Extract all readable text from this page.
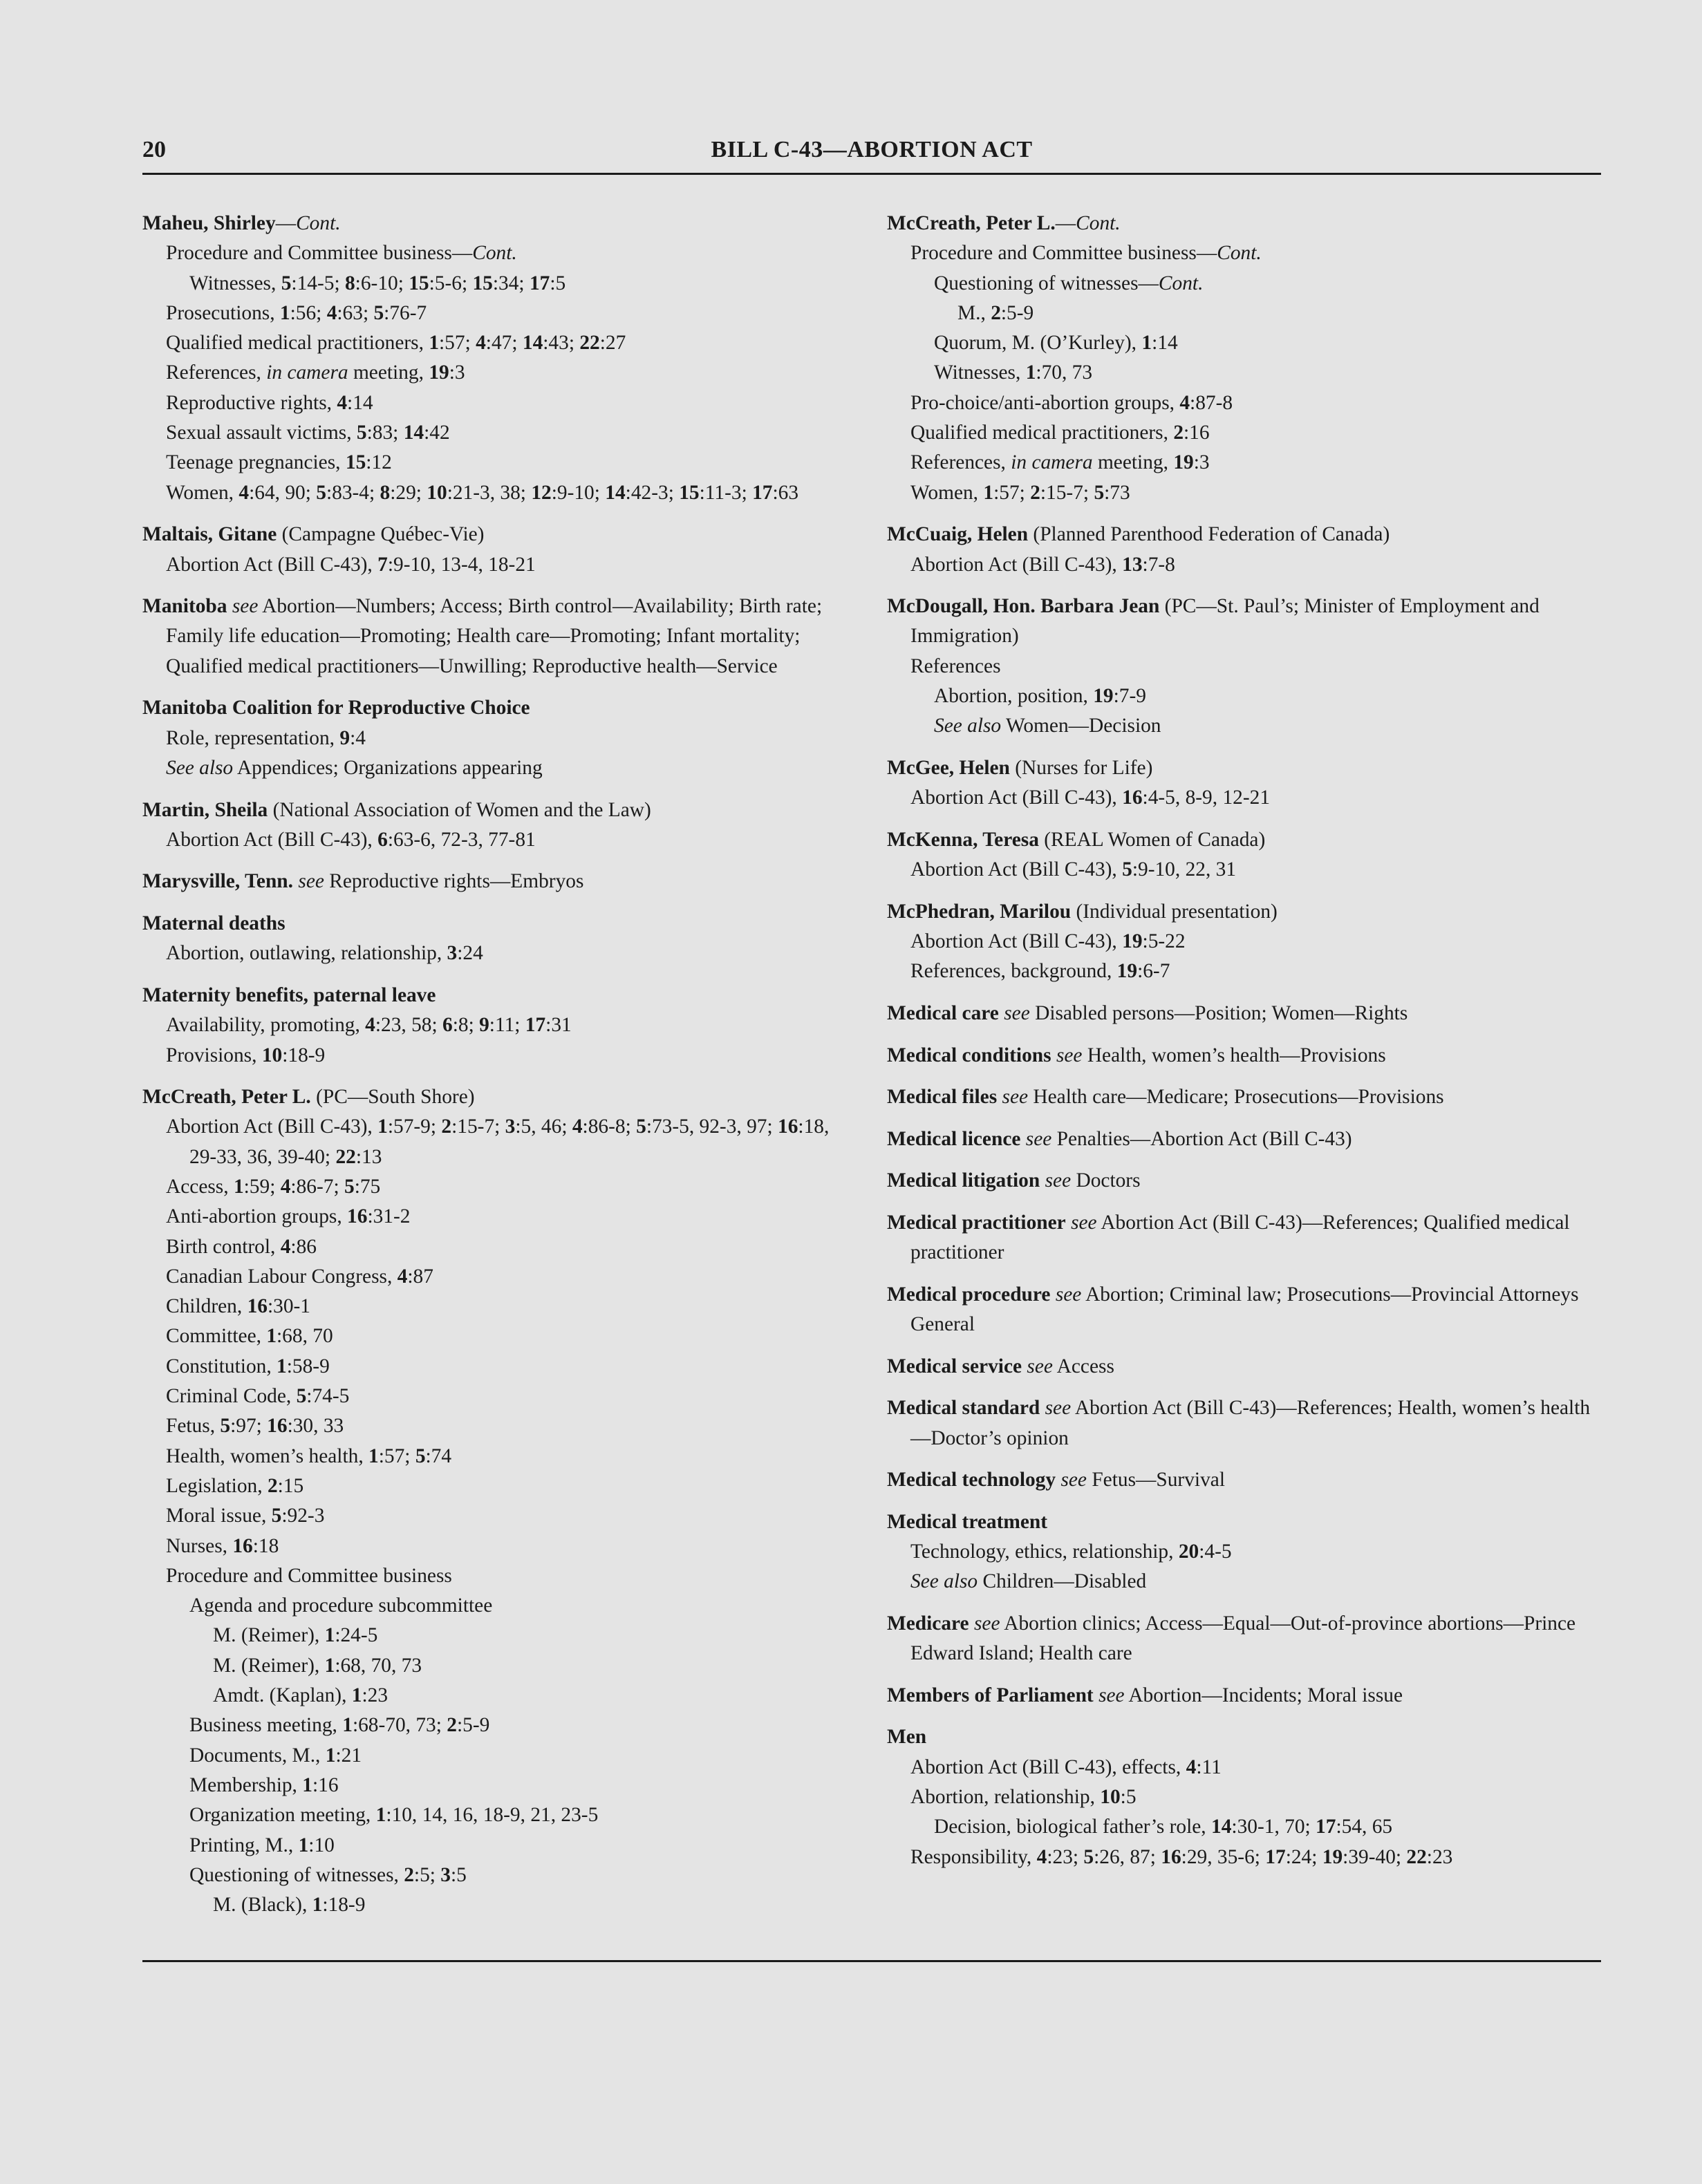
20	BILL C-43—ABORTION ACT
Maheu, Shirley—Cont.
Procedure and Committee business—Cont.
Witnesses, 5:14-5; 8:6-10; 15:5-6; 15:34; 17:5
Prosecutions, 1:56; 4:63; 5:76-7
Qualified medical practitioners, 1:57; 4:47; 14:43; 22:27
References, in camera meeting, 19:3
Reproductive rights, 4:14
Sexual assault victims, 5:83; 14:42
Teenage pregnancies, 15:12
Women, 4:64, 90; 5:83-4; 8:29; 10:21-3, 38; 12:9-10; 14:42-3; 15:11-3; 17:63
Maltais, Gitane (Campagne Québec-Vie)
Abortion Act (Bill C-43), 7:9-10, 13-4, 18-21
Manitoba see Abortion—Numbers; Access; Birth control—Availability; Birth rate; Family life education—Promoting; Health care—Promoting; Infant mortality; Qualified medical practitioners—Unwilling; Reproductive health—Service
Manitoba Coalition for Reproductive Choice
Role, representation, 9:4
See also Appendices; Organizations appearing
Martin, Sheila (National Association of Women and the Law)
Abortion Act (Bill C-43), 6:63-6, 72-3, 77-81
Marysville, Tenn. see Reproductive rights—Embryos
Maternal deaths
Abortion, outlawing, relationship, 3:24
Maternity benefits, paternal leave
Availability, promoting, 4:23, 58; 6:8; 9:11; 17:31
Provisions, 10:18-9
McCreath, Peter L. (PC—South Shore)
Abortion Act (Bill C-43), 1:57-9; 2:15-7; 3:5, 46; 4:86-8; 5:73-5, 92-3, 97; 16:18, 29-33, 36, 39-40; 22:13
Access, 1:59; 4:86-7; 5:75
Anti-abortion groups, 16:31-2
Birth control, 4:86
Canadian Labour Congress, 4:87
Children, 16:30-1
Committee, 1:68, 70
Constitution, 1:58-9
Criminal Code, 5:74-5
Fetus, 5:97; 16:30, 33
Health, women’s health, 1:57; 5:74
Legislation, 2:15
Moral issue, 5:92-3
Nurses, 16:18
Procedure and Committee business
Agenda and procedure subcommittee
M. (Reimer), 1:24-5
M. (Reimer), 1:68, 70, 73
Amdt. (Kaplan), 1:23
Business meeting, 1:68-70, 73; 2:5-9
Documents, M., 1:21
Membership, 1:16
Organization meeting, 1:10, 14, 16, 18-9, 21, 23-5
Printing, M., 1:10
Questioning of witnesses, 2:5; 3:5
M. (Black), 1:18-9
McCreath, Peter L.—Cont.
Procedure and Committee business—Cont.
Questioning of witnesses—Cont.
M., 2:5-9
Quorum, M. (O’Kurley), 1:14
Witnesses, 1:70, 73
Pro-choice/anti-abortion groups, 4:87-8
Qualified medical practitioners, 2:16
References, in camera meeting, 19:3
Women, 1:57; 2:15-7; 5:73
McCuaig, Helen (Planned Parenthood Federation of Canada)
Abortion Act (Bill C-43), 13:7-8
McDougall, Hon. Barbara Jean (PC—St. Paul’s; Minister of Employment and Immigration)
References
Abortion, position, 19:7-9
See also Women—Decision
McGee, Helen (Nurses for Life)
Abortion Act (Bill C-43), 16:4-5, 8-9, 12-21
McKenna, Teresa (REAL Women of Canada)
Abortion Act (Bill C-43), 5:9-10, 22, 31
McPhedran, Marilou (Individual presentation)
Abortion Act (Bill C-43), 19:5-22
References, background, 19:6-7
Medical care see Disabled persons—Position; Women—Rights
Medical conditions see Health, women’s health—Provisions
Medical files see Health care—Medicare; Prosecutions—Provisions
Medical licence see Penalties—Abortion Act (Bill C-43)
Medical litigation see Doctors
Medical practitioner see Abortion Act (Bill C-43)—References; Qualified medical practitioner
Medical procedure see Abortion; Criminal law; Prosecutions—Provincial Attorneys General
Medical service see Access
Medical standard see Abortion Act (Bill C-43)—References; Health, women’s health—Doctor’s opinion
Medical technology see Fetus—Survival
Medical treatment
Technology, ethics, relationship, 20:4-5
See also Children—Disabled
Medicare see Abortion clinics; Access—Equal—Out-of-province abortions—Prince Edward Island; Health care
Members of Parliament see Abortion—Incidents; Moral issue
Men
Abortion Act (Bill C-43), effects, 4:11
Abortion, relationship, 10:5
Decision, biological father’s role, 14:30-1, 70; 17:54, 65
Responsibility, 4:23; 5:26, 87; 16:29, 35-6; 17:24; 19:39-40; 22:23
